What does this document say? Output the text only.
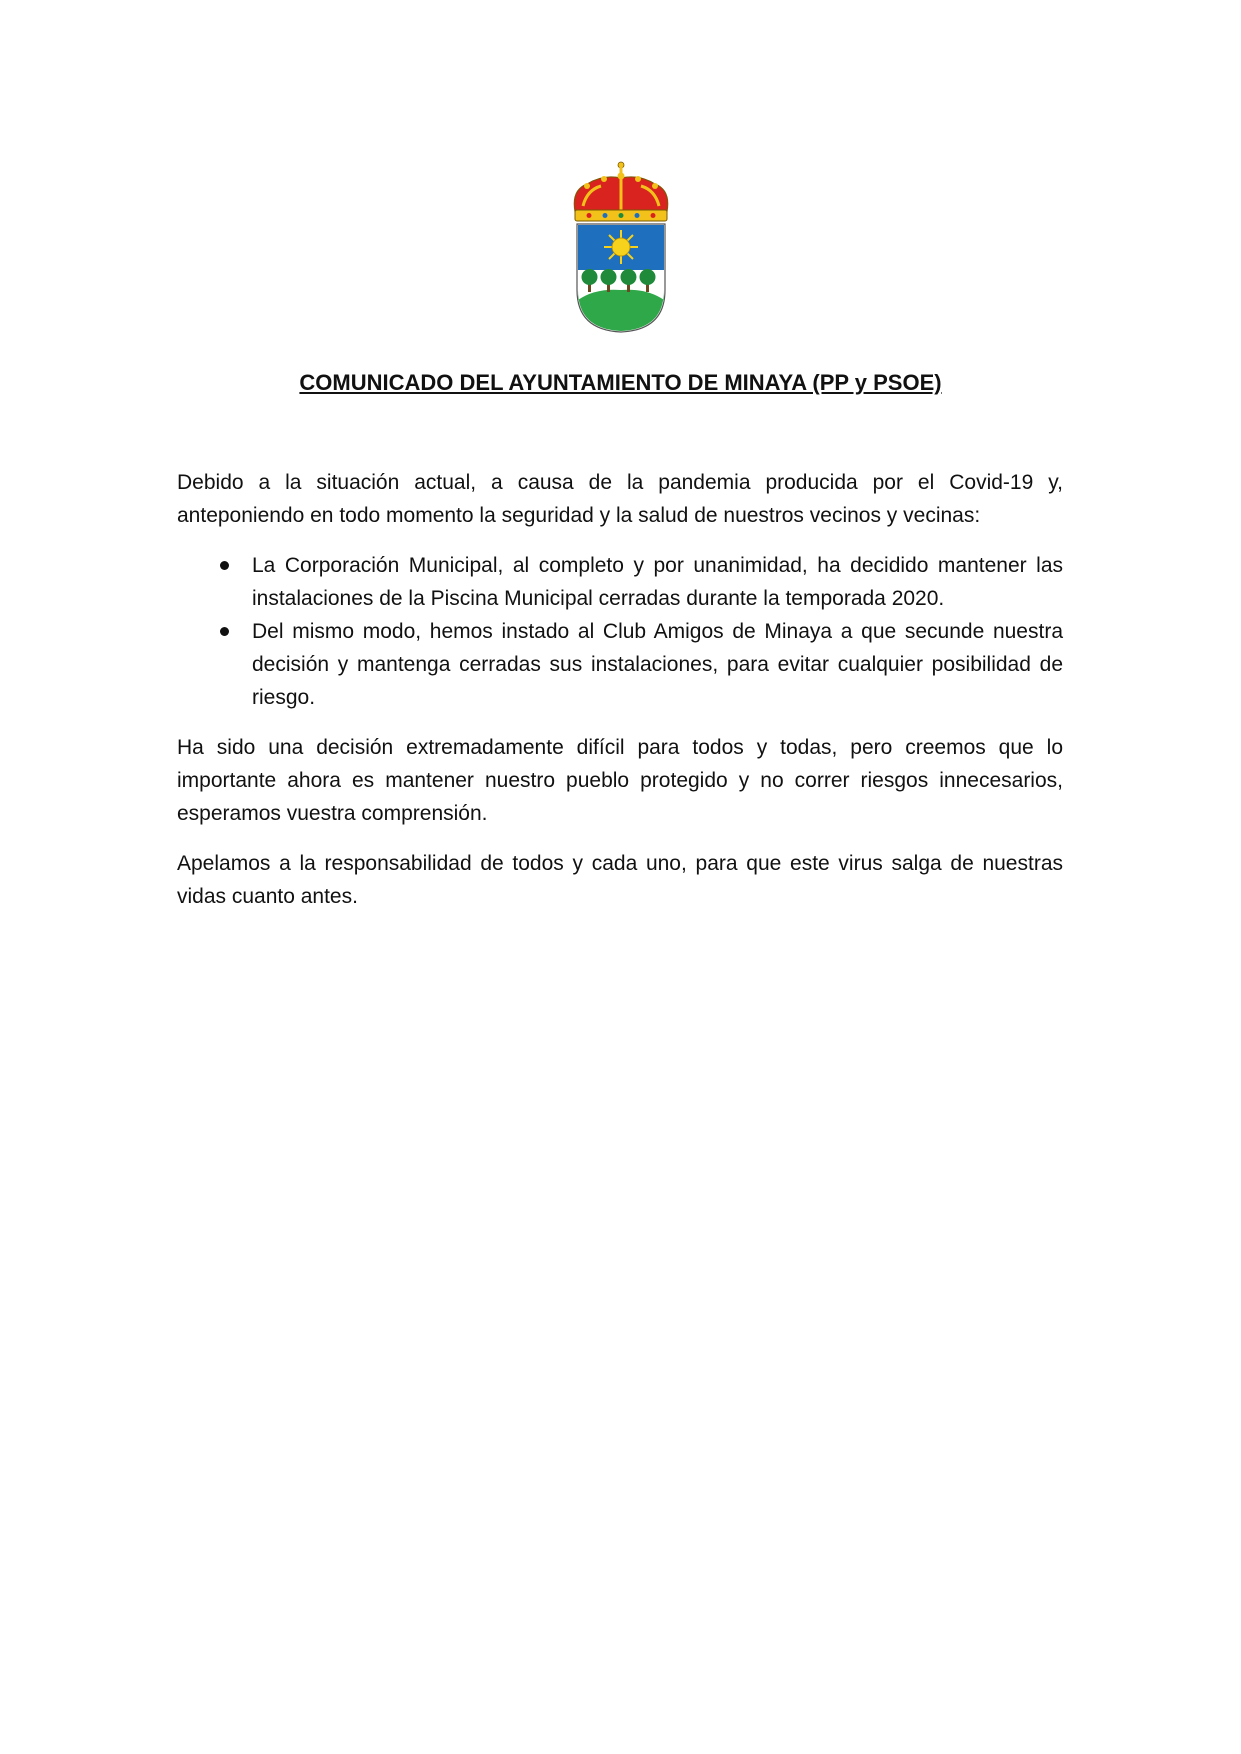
COMUNICADO DEL AYUNTAMIENTO DE MINAYA (PP y PSOE)

Debido a la situación actual, a causa de la pandemia producida por el Covid-19 y, anteponiendo en todo momento la seguridad y la salud de nuestros vecinos y vecinas:

La Corporación Municipal, al completo y por unanimidad, ha decidido mantener las instalaciones de la Piscina Municipal cerradas durante la temporada 2020.
Del mismo modo, hemos instado al Club Amigos de Minaya a que secunde nuestra decisión y mantenga cerradas sus instalaciones, para evitar cualquier posibilidad de riesgo.

Ha sido una decisión extremadamente difícil para todos y todas, pero creemos que lo importante ahora es mantener nuestro pueblo protegido y no correr riesgos innecesarios, esperamos vuestra comprensión.

Apelamos a la responsabilidad de todos y cada uno, para que este virus salga de nuestras vidas cuanto antes.
